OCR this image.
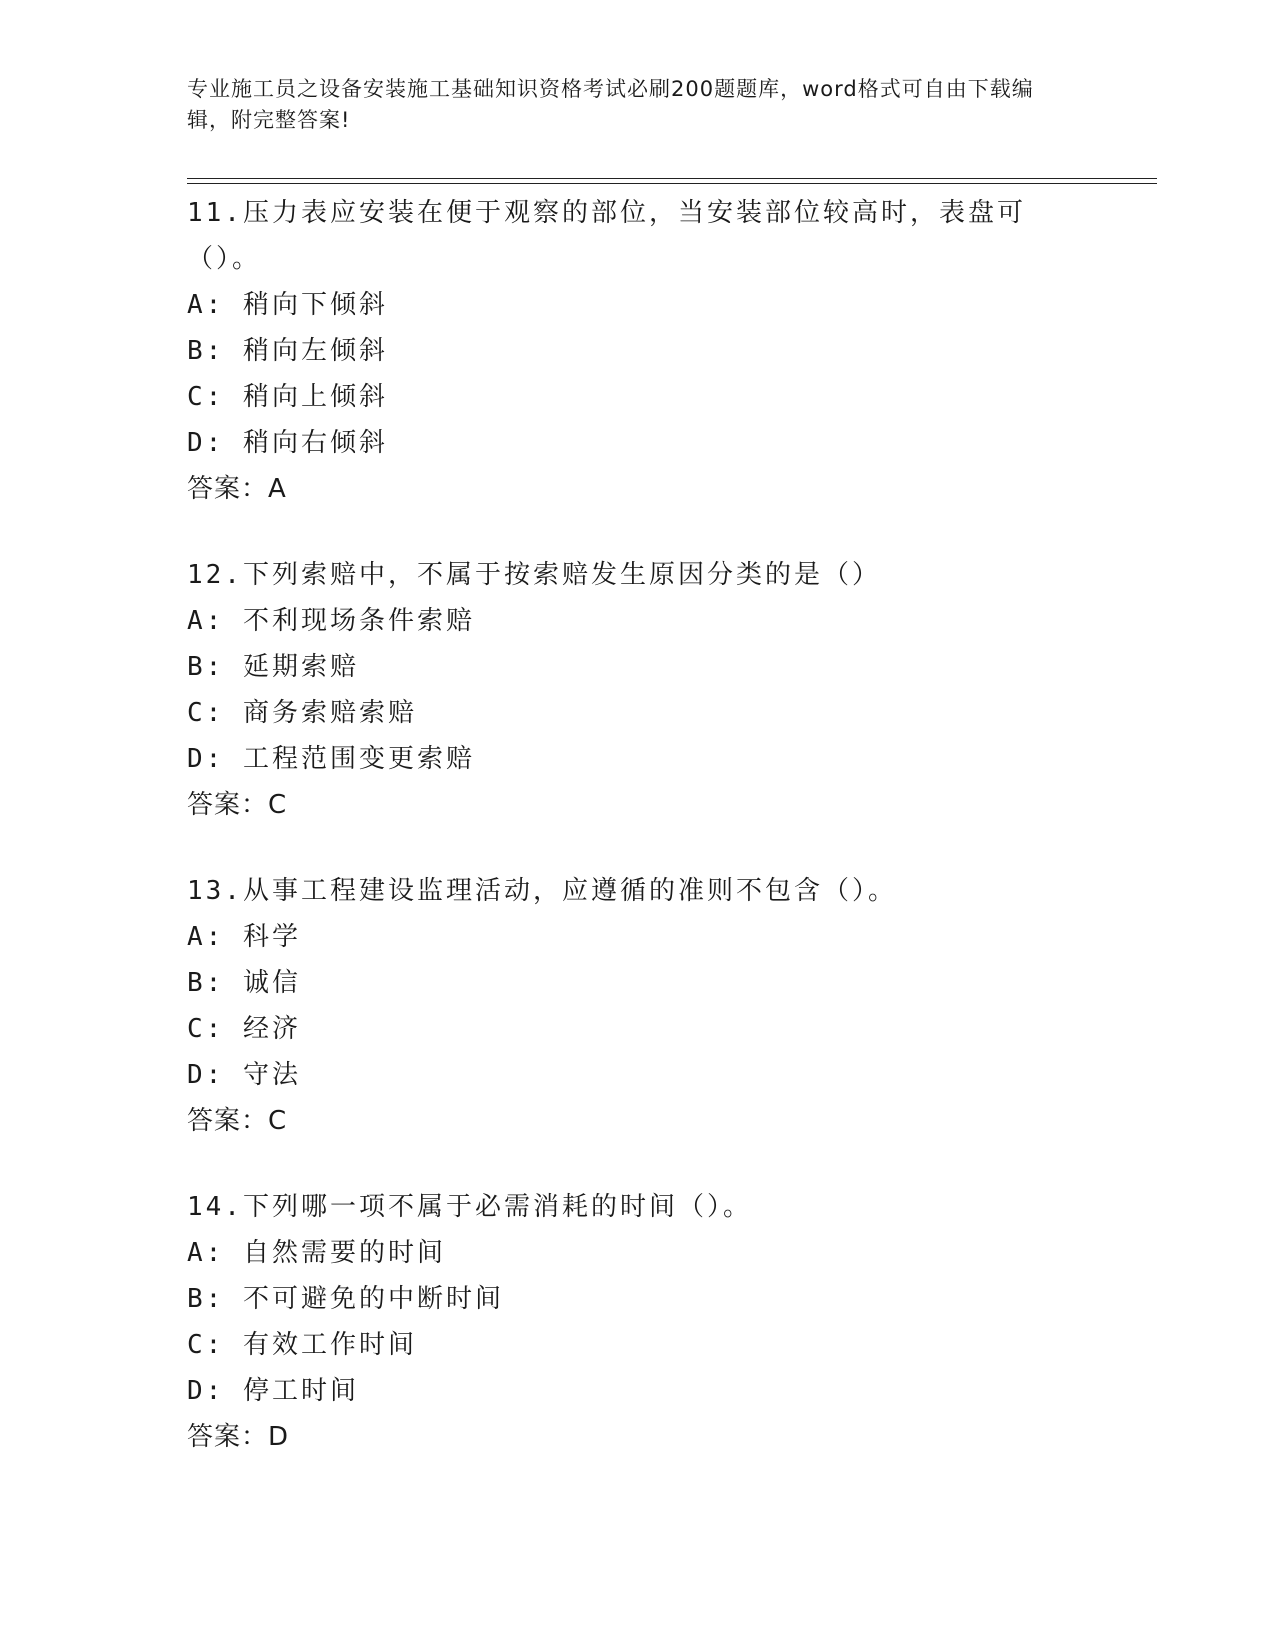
专业施工员之设备安装施工基础知识资格考试必刷200题题库，word格式可自由下载编辑，附完整答案!
11.压力表应安装在便于观察的部位，当安装部位较高时，表盘可（）。
A: 稍向下倾斜
B: 稍向左倾斜
C: 稍向上倾斜
D: 稍向右倾斜
答案：A
12.下列索赔中，不属于按索赔发生原因分类的是（）
A: 不利现场条件索赔
B: 延期索赔
C: 商务索赔索赔
D: 工程范围变更索赔
答案：C
13.从事工程建设监理活动，应遵循的准则不包含（）。
A: 科学
B: 诚信
C: 经济
D: 守法
答案：C
14.下列哪一项不属于必需消耗的时间（）。
A: 自然需要的时间
B: 不可避免的中断时间
C: 有效工作时间
D: 停工时间
答案：D
